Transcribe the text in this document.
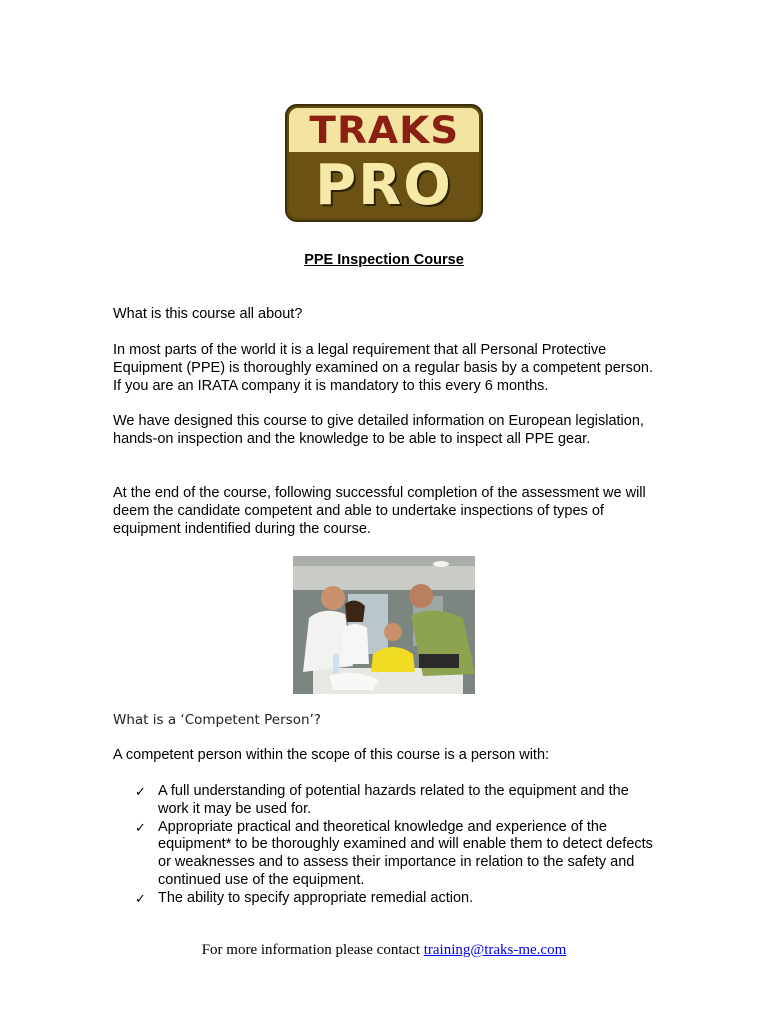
TRAKS
PRO
PPE Inspection Course
What is this course all about?
In most parts of the world it is a legal requirement that all Personal Protective Equipment (PPE) is thoroughly examined on a regular basis by a competent person. If you are an IRATA company it is mandatory to this every 6 months.
We have designed this course to give detailed information on European legislation, hands-on inspection and the knowledge to be able to inspect all PPE gear.
At the end of the course, following successful completion of the assessment we will deem the candidate competent and able to undertake inspections of types of equipment indentified during the course.
What is a ‘Competent Person’?
A competent person within the scope of this course is a person with:
✓ A full understanding of potential hazards related to the equipment and the work it may be used for.
✓ Appropriate practical and theoretical knowledge and experience of the equipment* to be thoroughly examined and will enable them to detect defects or weaknesses and to assess their importance in relation to the safety and continued use of the equipment.
✓ The ability to specify appropriate remedial action.
For more information please contact training@traks-me.com
